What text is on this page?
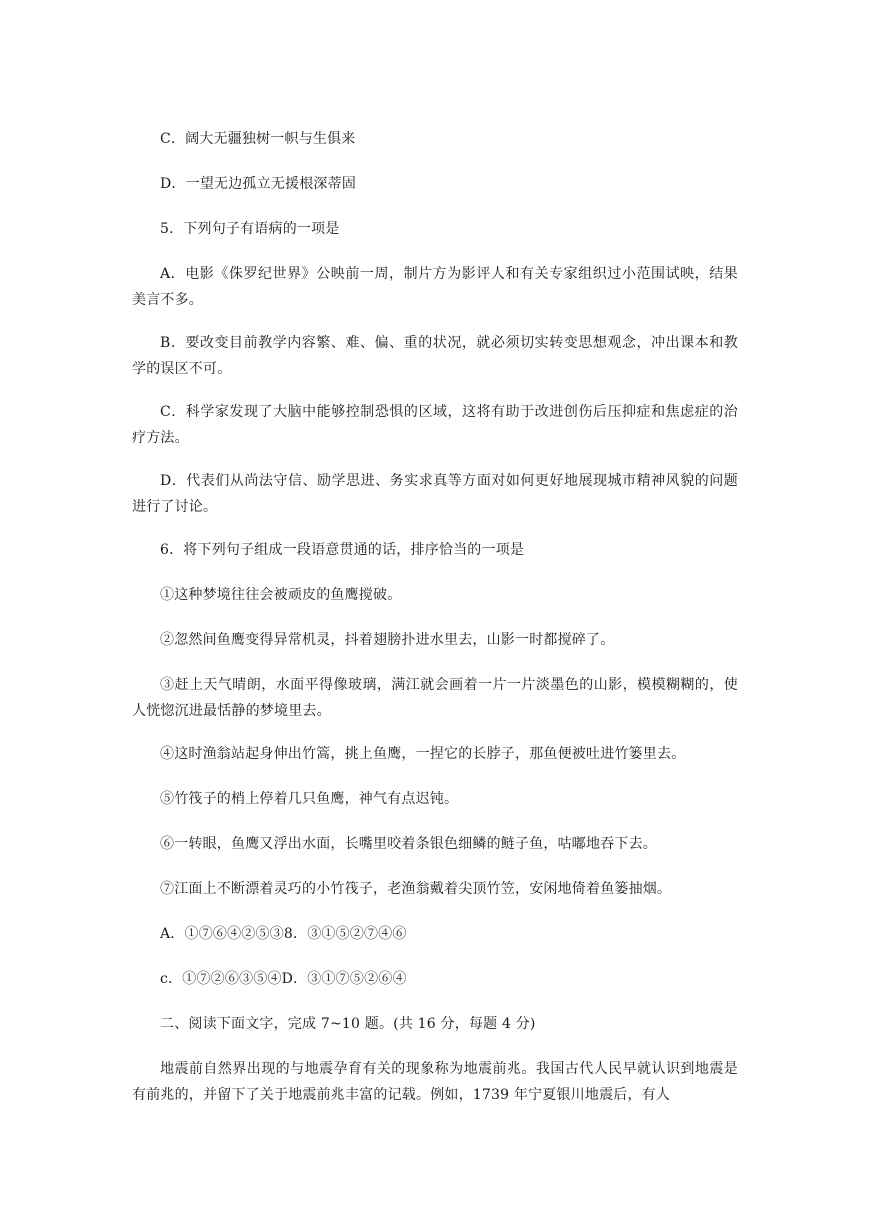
C．阔大无疆独树一帜与生俱来
D．一望无边孤立无援根深蒂固
5．下列句子有语病的一项是
A．电影《侏罗纪世界》公映前一周，制片方为影评人和有关专家组织过小范围试映，结果美言不多。
B．要改变目前教学内容繁、难、偏、重的状况，就必须切实转变思想观念，冲出课本和教学的误区不可。
C．科学家发现了大脑中能够控制恐惧的区域，这将有助于改进创伤后压抑症和焦虑症的治疗方法。
D．代表们从尚法守信、励学思进、务实求真等方面对如何更好地展现城市精神风貌的问题进行了讨论。
6．将下列句子组成一段语意贯通的话，排序恰当的一项是
①这种梦境往往会被顽皮的鱼鹰搅破。
②忽然间鱼鹰变得异常机灵，抖着翅膀扑进水里去，山影一时都搅碎了。
③赶上天气晴朗，水面平得像玻璃，满江就会画着一片一片淡墨色的山影，模模糊糊的，使人恍惚沉进最恬静的梦境里去。
④这时渔翁站起身伸出竹篙，挑上鱼鹰，一捏它的长脖子，那鱼便被吐进竹篓里去。
⑤竹筏子的梢上停着几只鱼鹰，神气有点迟钝。
⑥一转眼，鱼鹰又浮出水面，长嘴里咬着条银色细鳞的鲢子鱼，咕嘟地吞下去。
⑦江面上不断漂着灵巧的小竹筏子，老渔翁戴着尖顶竹笠，安闲地倚着鱼篓抽烟。
A．①⑦⑥④②⑤③8．③①⑤②⑦④⑥
c．①⑦②⑥③⑤④D．③①⑦⑤②⑥④
二、阅读下面文字，完成 7~10 题。(共 16 分，每题 4 分)
地震前自然界出现的与地震孕育有关的现象称为地震前兆。我国古代人民早就认识到地震是有前兆的，并留下了关于地震前兆丰富的记载。例如，1739 年宁夏银川地震后，有人
